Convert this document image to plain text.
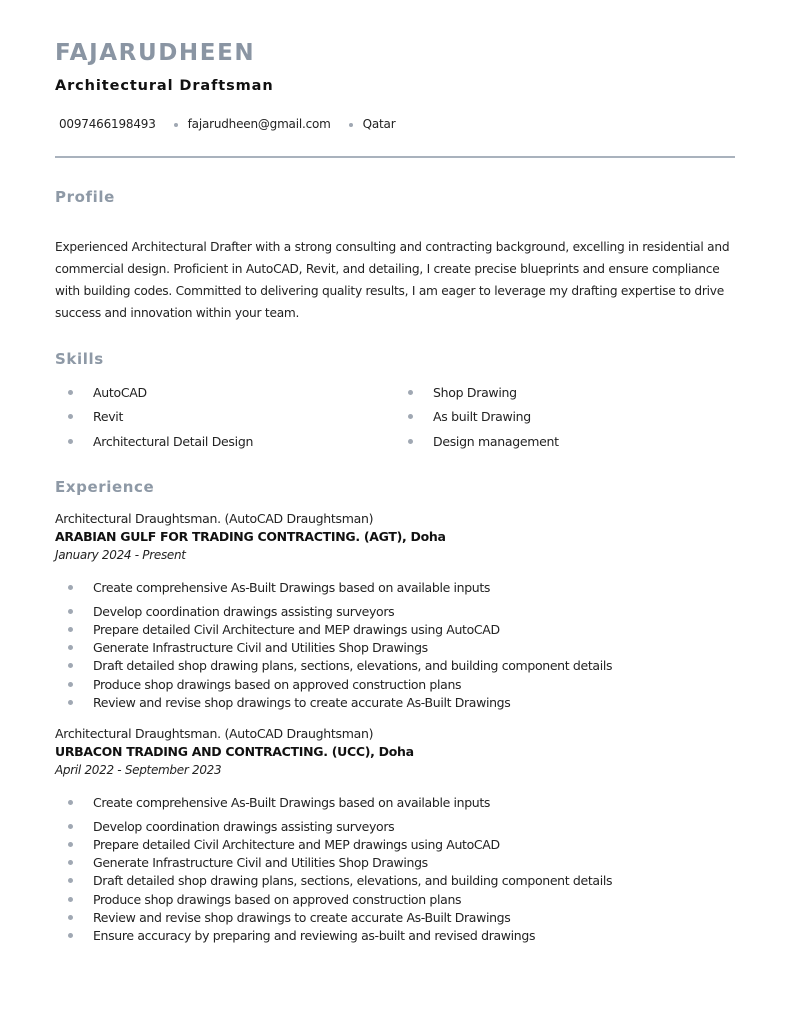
FAJARUDHEEN
Architectural Draftsman
0097466198493	fajarudheen@gmail.com	Qatar
Profile

Experienced Architectural Drafter with a strong consulting and contracting background, excelling in residential and commercial design. Proficient in AutoCAD, Revit, and detailing, I create precise blueprints and ensure compliance with building codes. Committed to delivering quality results, I am eager to leverage my drafting expertise to drive success and innovation within your team.

Skills
AutoCAD	Shop Drawing
Revit	As built Drawing
Architectural Detail Design	Design management
Experience
Architectural Draughtsman. (AutoCAD Draughtsman)
ARABIAN GULF FOR TRADING CONTRACTING. (AGT), Doha
January 2024 - Present
Create comprehensive As-Built Drawings based on available inputs
Develop coordination drawings assisting surveyors
Prepare detailed Civil Architecture and MEP drawings using AutoCAD
Generate Infrastructure Civil and Utilities Shop Drawings
Draft detailed shop drawing plans, sections, elevations, and building component details
Produce shop drawings based on approved construction plans
Review and revise shop drawings to create accurate As-Built Drawings
Architectural Draughtsman. (AutoCAD Draughtsman)
URBACON TRADING AND CONTRACTING. (UCC), Doha
April 2022 - September 2023
Create comprehensive As-Built Drawings based on available inputs
Develop coordination drawings assisting surveyors
Prepare detailed Civil Architecture and MEP drawings using AutoCAD
Generate Infrastructure Civil and Utilities Shop Drawings
Draft detailed shop drawing plans, sections, elevations, and building component details
Produce shop drawings based on approved construction plans
Review and revise shop drawings to create accurate As-Built Drawings
Ensure accuracy by preparing and reviewing as-built and revised drawings
